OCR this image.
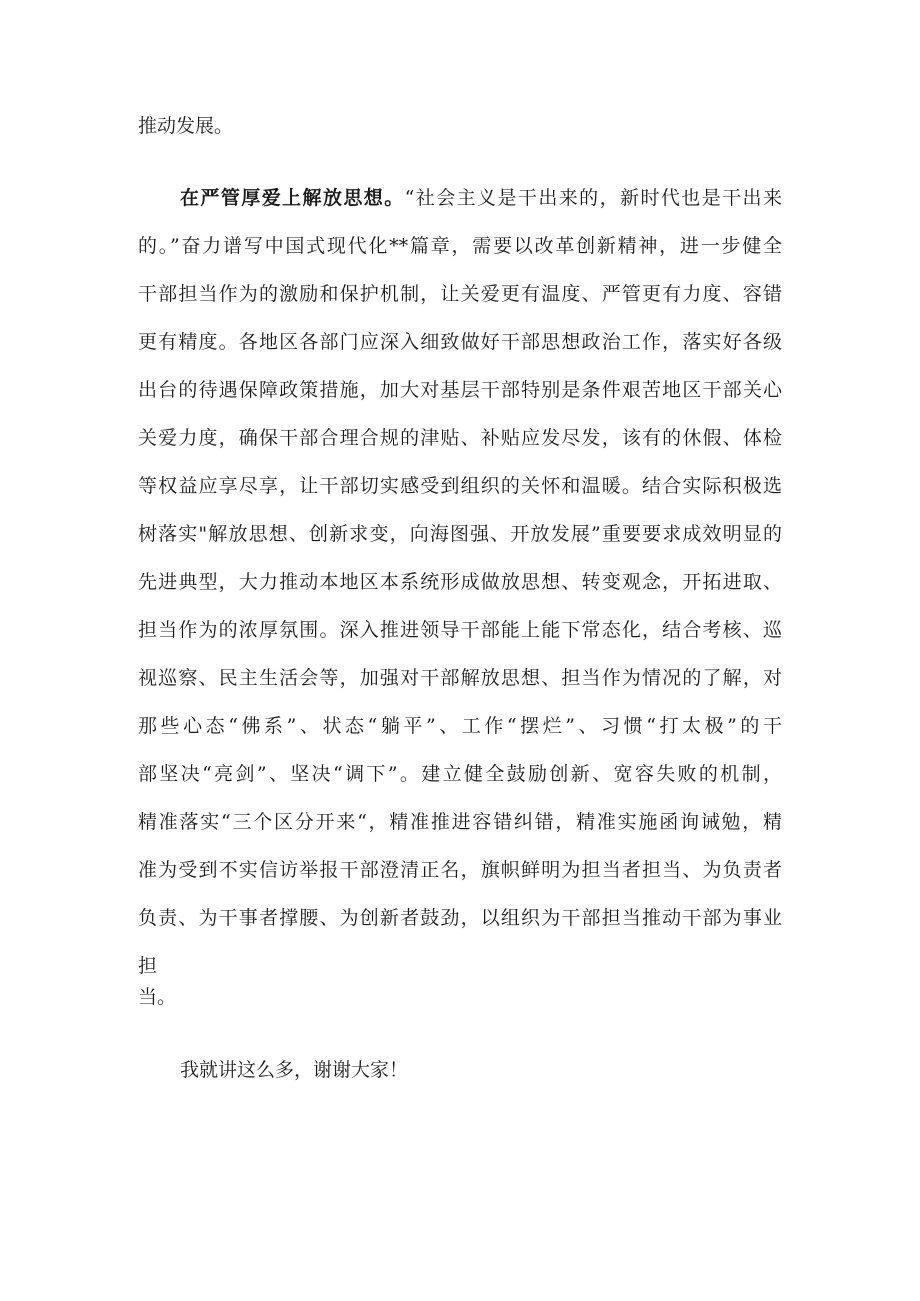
推动发展。
在严管厚爱上解放思想。“社会主义是干出来的，新时代也是干出来
的。”奋力谱写中国式现代化**篇章，需要以改革创新精神，进一步健全
干部担当作为的激励和保护机制，让关爱更有温度、严管更有力度、容错
更有精度。各地区各部门应深入细致做好干部思想政治工作，落实好各级
出台的待遇保障政策措施，加大对基层干部特别是条件艰苦地区干部关心
关爱力度，确保干部合理合规的津贴、补贴应发尽发，该有的休假、体检
等权益应享尽享，让干部切实感受到组织的关怀和温暖。结合实际积极选
树落实"解放思想、创新求变，向海图强、开放发展”重要要求成效明显的
先进典型，大力推动本地区本系统形成做放思想、转变观念，开拓进取、
担当作为的浓厚氛围。深入推进领导干部能上能下常态化，结合考核、巡
视巡察、民主生活会等，加强对干部解放思想、担当作为情况的了解，对
那些心态“佛系”、状态“躺平”、工作“摆烂”、习惯“打太极”的干
部坚决“亮剑”、坚决“调下”。建立健全鼓励创新、宽容失败的机制，
精准落实“三个区分开来“，精准推进容错纠错，精准实施函询诫勉，精
准为受到不实信访举报干部澄清正名，旗帜鲜明为担当者担当、为负责者
负责、为干事者撑腰、为创新者鼓劲，以组织为干部担当推动干部为事业
担
当。
我就讲这么多，谢谢大家！
